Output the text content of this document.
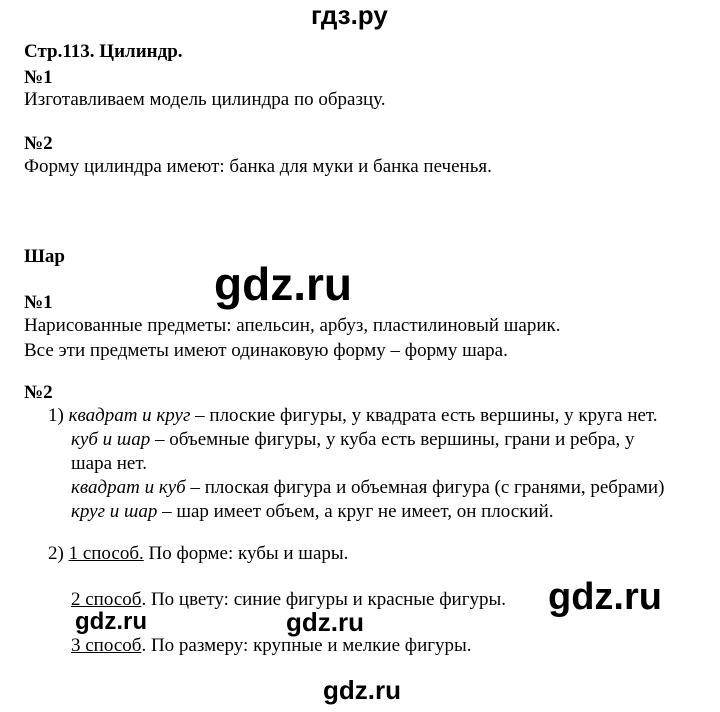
гдз.ру
gdz.ru
gdz.ru
gdz.ru	gdz.ru
gdz.ru
Стр.113. Цилиндр.
№1
Изготавливаем модель цилиндра по образцу.
№2
Форму цилиндра имеют: банка для муки и банка печенья.
Шар
№1
Нарисованные предметы: апельсин, арбуз, пластилиновый шарик.
Все эти предметы имеют одинаковую форму – форму шара.
№2
1) квадрат и круг – плоские фигуры, у квадрата есть вершины, у круга нет.
куб и шар – объемные фигуры, у куба есть вершины, грани и ребра, у
шара нет.
квадрат и куб – плоская фигура и объемная фигура (с гранями, ребрами)
круг и шар – шар имеет объем, а круг не имеет, он плоский.
2) 1 способ. По форме: кубы и шары.
2 способ. По цвету: синие фигуры и красные фигуры.
3 способ. По размеру: крупные и мелкие фигуры.
